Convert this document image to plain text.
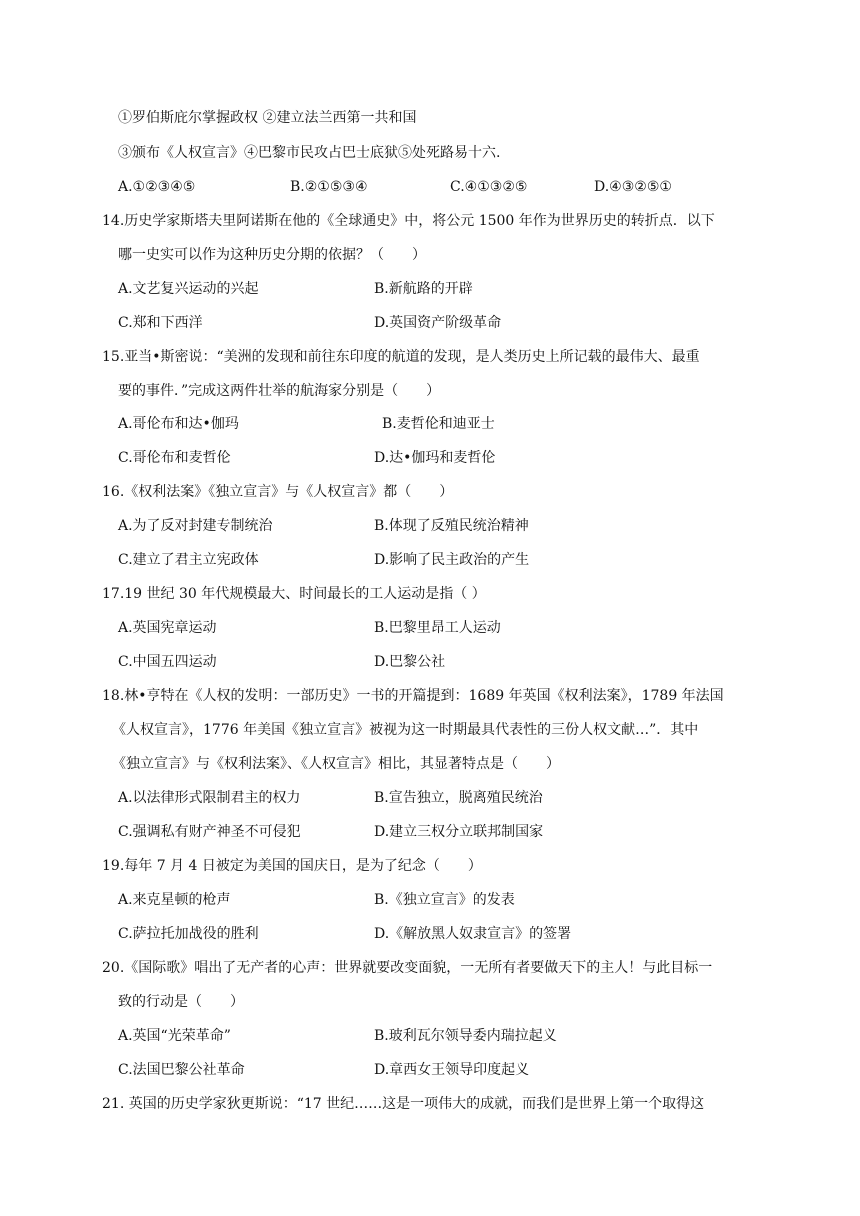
①罗伯斯庇尔掌握政权 ②建立法兰西第一共和国
③颁布《人权宣言》④巴黎市民攻占巴士底狱⑤处死路易十六.
A.①②③④⑤	B.②①⑤③④	C.④①③②⑤	D.④③②⑤①
14.历史学家斯塔夫里阿诺斯在他的《全球通史》中，将公元 1500 年作为世界历史的转折点．以下
哪一史实可以作为这种历史分期的依据？（　　）
A.文艺复兴运动的兴起	B.新航路的开辟
C.郑和下西洋	D.英国资产阶级革命
15.亚当•斯密说：“美洲的发现和前往东印度的航道的发现，是人类历史上所记载的最伟大、最重
要的事件．”完成这两件壮举的航海家分别是（　　）
A.哥伦布和达•伽玛	B.麦哲伦和迪亚士
C.哥伦布和麦哲伦	D.达•伽玛和麦哲伦
16.《权利法案》《独立宣言》与《人权宣言》都（　　）
A.为了反对封建专制统治	B.体现了反殖民统治精神
C.建立了君主立宪政体	D.影响了民主政治的产生
17.19 世纪 30 年代规模最大、时间最长的工人运动是指（ ）
A.英国宪章运动	B.巴黎里昂工人运动
C.中国五四运动	D.巴黎公社
18.林•亨特在《人权的发明：一部历史》一书的开篇提到：1689 年英国《权利法案》，1789 年法国
《人权宣言》，1776 年美国《独立宣言》被视为这一时期最具代表性的三份人权文献…”．其中
《独立宣言》与《权利法案》、《人权宣言》相比，其显著特点是（　　）
A.以法律形式限制君主的权力	B.宣告独立，脱离殖民统治
C.强调私有财产神圣不可侵犯	D.建立三权分立联邦制国家
19.每年 7 月 4 日被定为美国的国庆日，是为了纪念（　　）
A.来克星顿的枪声	B.《独立宣言》的发表
C.萨拉托加战役的胜利	D.《解放黑人奴隶宣言》的签署
20.《国际歌》唱出了无产者的心声：世界就要改变面貌，一无所有者要做天下的主人！与此目标一
致的行动是（　　）
A.英国“光荣革命”	B.玻利瓦尔领导委内瑞拉起义
C.法国巴黎公社革命	D.章西女王领导印度起义
21. 英国的历史学家狄更斯说：“17 世纪……这是一项伟大的成就，而我们是世界上第一个取得这
